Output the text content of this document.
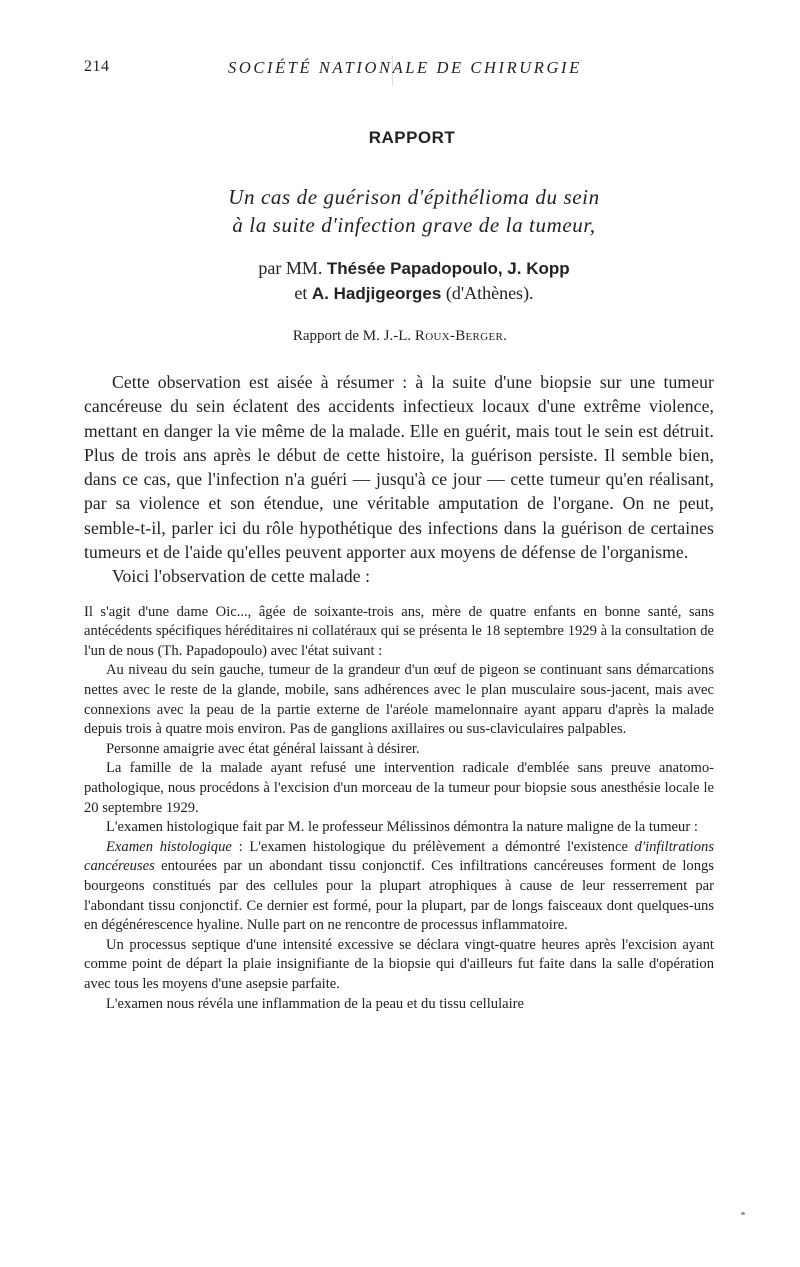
214	SOCIÉTÉ NATIONALE DE CHIRURGIE
RAPPORT
Un cas de guérison d'épithélioma du sein
à la suite d'infection grave de la tumeur,
par MM. Thésée Papadopoulo, J. Kopp
et A. Hadjigeorges (d'Athènes).
Rapport de M. J.-L. Roux-Berger.

Cette observation est aisée à résumer : à la suite d'une biopsie sur une tumeur cancéreuse du sein éclatent des accidents infectieux locaux d'une extrême violence, mettant en danger la vie même de la malade. Elle en guérit, mais tout le sein est détruit. Plus de trois ans après le début de cette histoire, la guérison persiste. Il semble bien, dans ce cas, que l'infection n'a guéri — jusqu'à ce jour — cette tumeur qu'en réalisant, par sa violence et son étendue, une véritable amputation de l'organe. On ne peut, semble-t-il, parler ici du rôle hypothétique des infections dans la guérison de certaines tumeurs et de l'aide qu'elles peuvent apporter aux moyens de défense de l'organisme.

Voici l'observation de cette malade :

Il s'agit d'une dame Oic..., âgée de soixante-trois ans, mère de quatre enfants en bonne santé, sans antécédents spécifiques héréditaires ni collatéraux qui se présenta le 18 septembre 1929 à la consultation de l'un de nous (Th. Papadopoulo) avec l'état suivant :

Au niveau du sein gauche, tumeur de la grandeur d'un œuf de pigeon se continuant sans démarcations nettes avec le reste de la glande, mobile, sans adhérences avec le plan musculaire sous-jacent, mais avec connexions avec la peau de la partie externe de l'aréole mamelonnaire ayant apparu d'après la malade depuis trois à quatre mois environ. Pas de ganglions axillaires ou sus-claviculaires palpables.

Personne amaigrie avec état général laissant à désirer.

La famille de la malade ayant refusé une intervention radicale d'emblée sans preuve anatomo-pathologique, nous procédons à l'excision d'un morceau de la tumeur pour biopsie sous anesthésie locale le 20 septembre 1929.

L'examen histologique fait par M. le professeur Mélissinos démontra la nature maligne de la tumeur :

Examen histologique : L'examen histologique du prélèvement a démontré l'existence d'infiltrations cancéreuses entourées par un abondant tissu conjonctif. Ces infiltrations cancéreuses forment de longs bourgeons constitués par des cellules pour la plupart atrophiques à cause de leur resserrement par l'abondant tissu conjonctif. Ce dernier est formé, pour la plupart, par de longs faisceaux dont quelques-uns en dégénérescence hyaline. Nulle part on ne rencontre de processus inflammatoire.

Un processus septique d'une intensité excessive se déclara vingt-quatre heures après l'excision ayant comme point de départ la plaie insignifiante de la biopsie qui d'ailleurs fut faite dans la salle d'opération avec tous les moyens d'une asepsie parfaite.

L'examen nous révéla une inflammation de la peau et du tissu cellulaire
